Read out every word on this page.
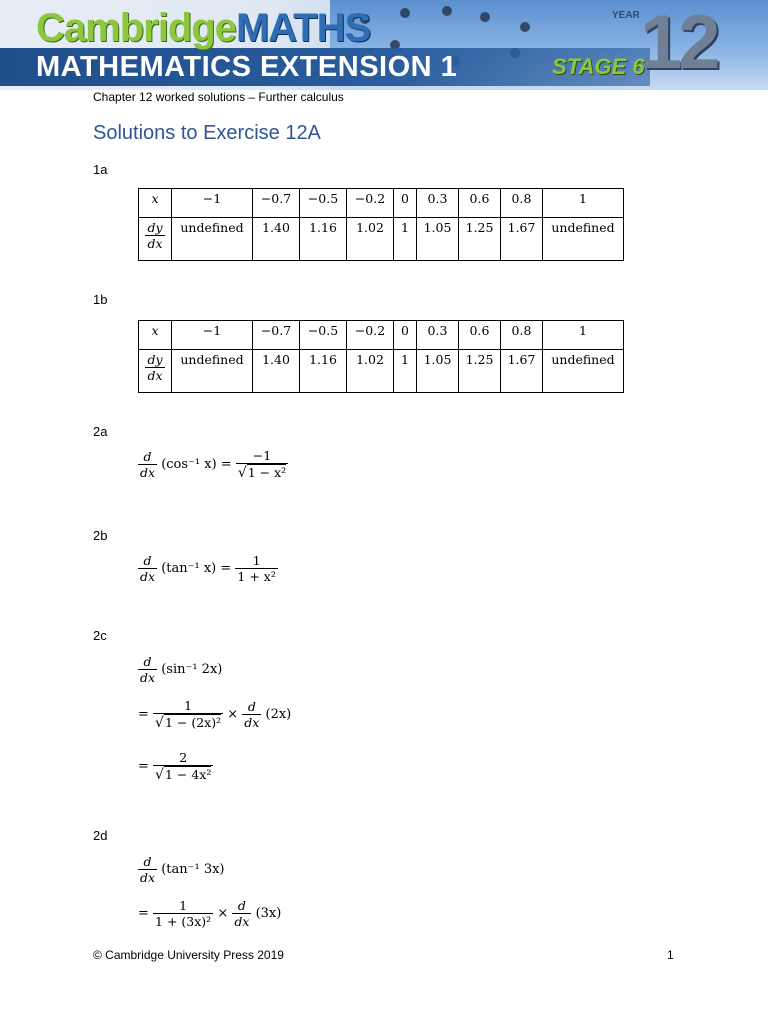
CambridgeMATHS
MATHEMATICS EXTENSION 1	STAGE 6
YEAR 12
Chapter 12 worked solutions – Further calculus
Solutions to Exercise 12A
1a
x	−1	−0.7	−0.5	−0.2	0	0.3	0.6	0.8	1

$\frac{dy}{dx}$	undefined	1.40	1.16	1.02	1	1.05	1.25	1.67	undefined
1b
x	−1	−0.7	−0.5	−0.2	0	0.3	0.6	0.8	1

$\frac{dy}{dx}$	undefined	1.40	1.16	1.02	1	1.05	1.25	1.67	undefined
2a
$\frac{d}{dx} (\cos^{-1}$ $x) = \frac{-1}{\text{√1 − x²}}$
2b
$\frac{d}{dx} (\tan^{-1}$ $x) = \frac{1}{\text{1 + x²}}$
2c
$\frac{d}{dx} (\sin^{-1}$ 2x)
= $\frac{1}{\text{√1 − (2x)²}} \times \frac{d}{dx} (2x)$
= $\frac{2}{\text{√1 − 4x²}}$
2d
$\frac{d}{dx} (\tan^{-1}$ 3x)
= $\frac{1}{\text{1 + (3x)²}} \times \frac{d}{dx} (3x)$
© Cambridge University Press 2019	1
